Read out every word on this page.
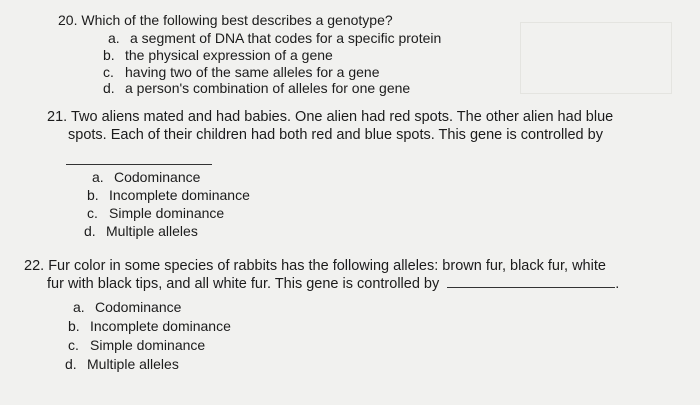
20. Which of the following best describes a genotype?

a. a segment of DNA that codes for a specific protein
b. the physical expression of a gene
c. having two of the same alleles for a gene
d. a person's combination of alleles for one gene

21. Two aliens mated and had babies. One alien had red spots. The other alien had blue

spots. Each of their children had both red and blue spots. This gene is controlled by

a. Codominance
b. Incomplete dominance
c. Simple dominance
d. Multiple alleles

22. Fur color in some species of rabbits has the following alleles: brown fur, black fur, white

fur with black tips, and all white fur. This gene is controlled by	.

a. Codominance
b. Incomplete dominance
c. Simple dominance
d. Multiple alleles
